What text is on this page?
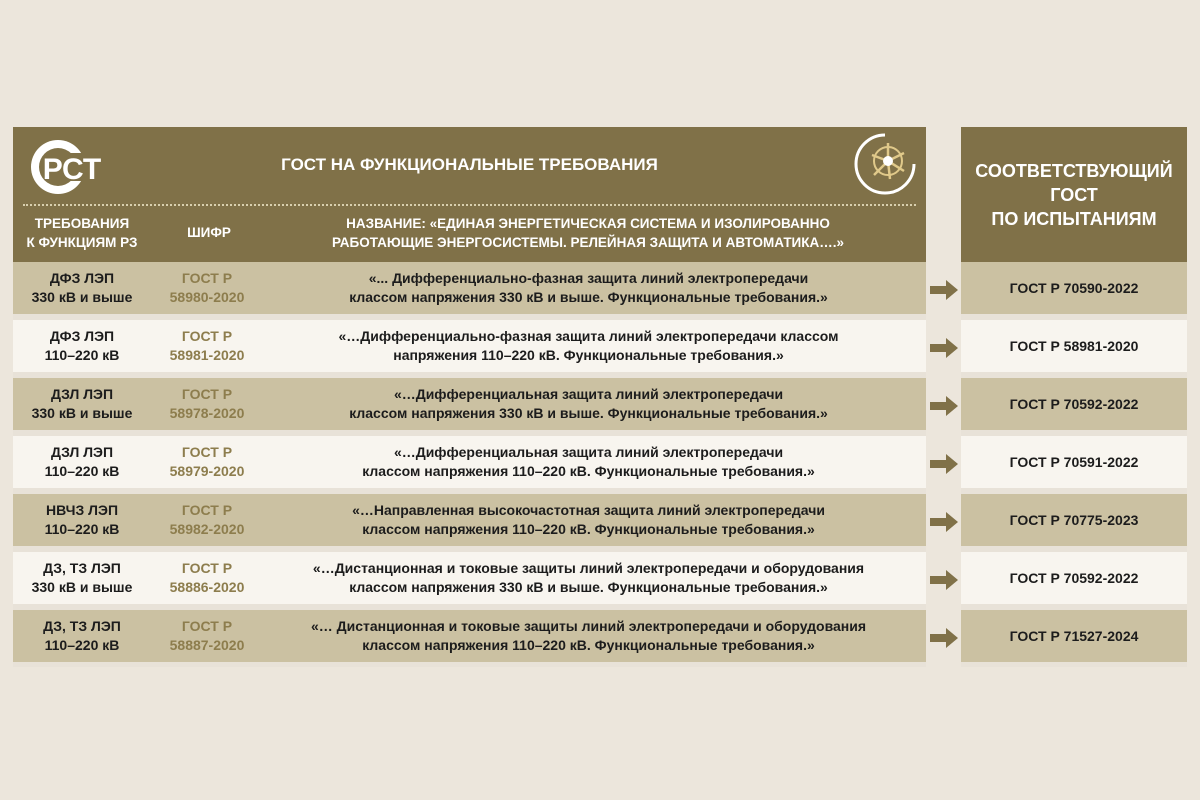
РСТ	ГОСТ НА ФУНКЦИОНАЛЬНЫЕ ТРЕБОВАНИЯ
ТРЕБОВАНИЯ
К ФУНКЦИЯМ РЗ
ШИФР
НАЗВАНИЕ: «ЕДИНАЯ ЭНЕРГЕТИЧЕСКАЯ СИСТЕМА И ИЗОЛИРОВАННО
РАБОТАЮЩИЕ ЭНЕРГОСИСТЕМЫ. РЕЛЕЙНАЯ ЗАЩИТА И АВТОМАТИКА….»
ДФЗ ЛЭП
330 кВ и выше
ГОСТ Р
58980-2020
«... Дифференциально-фазная защита линий электропередачи
классом напряжения 330 кВ и выше. Функциональные требования.»
ДФЗ ЛЭП
110–220 кВ
ГОСТ Р
58981-2020
«…Дифференциально-фазная защита линий электропередачи классом
напряжения 110–220 кВ. Функциональные требования.»
ДЗЛ ЛЭП
330 кВ и выше
ГОСТ Р
58978-2020
«…Дифференциальная защита линий электропередачи
классом напряжения 330 кВ и выше. Функциональные требования.»
ДЗЛ ЛЭП
110–220 кВ
ГОСТ Р
58979-2020
«…Дифференциальная защита линий электропередачи
классом напряжения 110–220 кВ. Функциональные требования.»
НВЧЗ ЛЭП
110–220 кВ
ГОСТ Р
58982-2020
«…Направленная высокочастотная защита линий электропередачи
классом напряжения 110–220 кВ. Функциональные требования.»
ДЗ, ТЗ ЛЭП
330 кВ и выше
ГОСТ Р
58886-2020
«…Дистанционная и токовые защиты линий электропередачи и оборудования
классом напряжения 330 кВ и выше. Функциональные требования.»
ДЗ, ТЗ ЛЭП
110–220 кВ
ГОСТ Р
58887-2020
«… Дистанционная и токовые защиты линий электропередачи и оборудования
классом напряжения 110–220 кВ. Функциональные требования.»
СООТВЕТСТВУЮЩИЙ
ГОСТ
ПО ИСПЫТАНИЯМ
ГОСТ Р 70590-2022
ГОСТ Р 58981-2020
ГОСТ Р 70592-2022
ГОСТ Р 70591-2022
ГОСТ Р 70775-2023
ГОСТ Р 70592-2022
ГОСТ Р 71527-2024
